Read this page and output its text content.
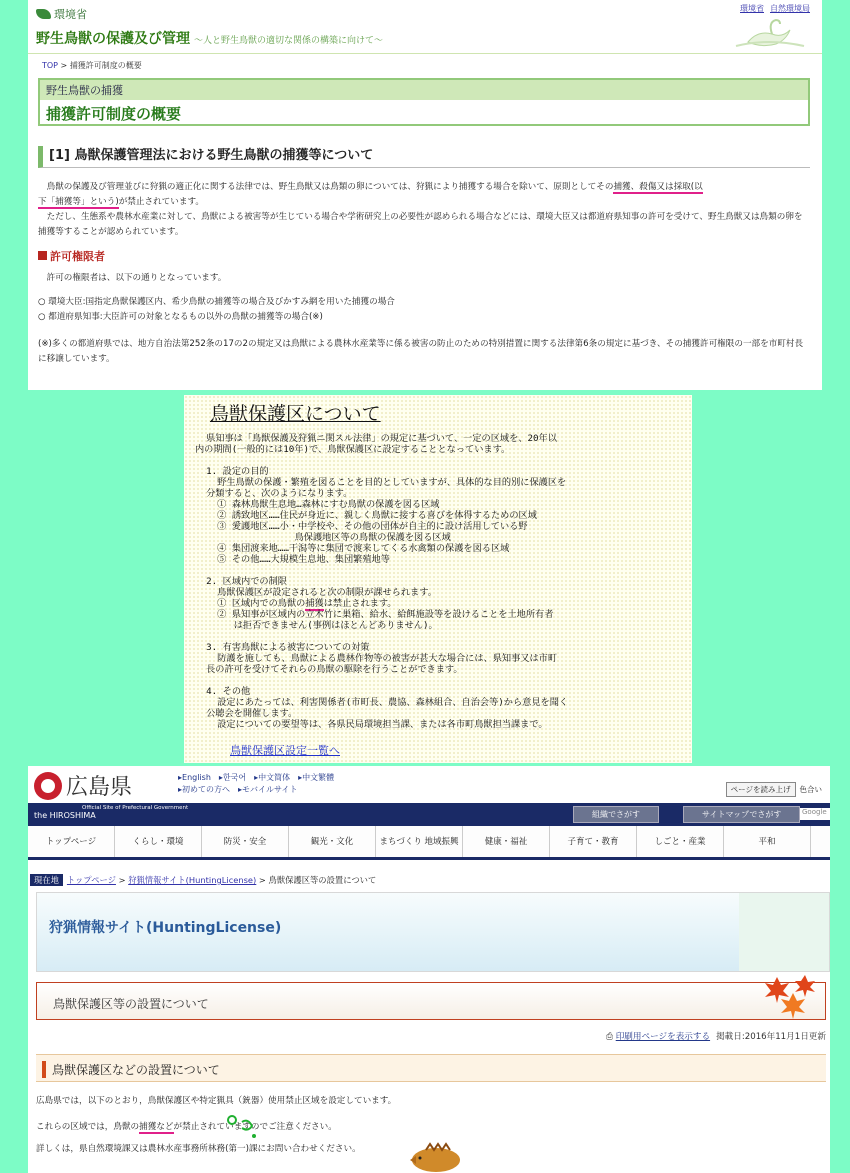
環境省
野生鳥獣の保護及び管理 ～人と野生鳥獣の適切な関係の構築に向けて～
環境省 自然環境局
TOP > 捕獲許可制度の概要
野生鳥獣の捕獲
捕獲許可制度の概要
[1] 鳥獣保護管理法における野生鳥獣の捕獲等について

鳥獣の保護及び管理並びに狩猟の適正化に関する法律では、野生鳥獣又は鳥類の卵については、狩猟により捕獲する場合を除いて、原則としてその捕獲、殺傷又は採取(以
下「捕獲等」という)が禁止されています。

ただし、生態系や農林水産業に対して、鳥獣による被害等が生じている場合や学術研究上の必要性が認められる場合などには、環境大臣又は都道府県知事の許可を受けて、野生鳥獣又は鳥類の卵を捕獲等することが認められています。

許可権限者

許可の権限者は、以下の通りとなっています。

○ 環境大臣:国指定鳥獣保護区内、希少鳥獣の捕獲等の場合及びかすみ網を用いた捕獲の場合

○ 都道府県知事:大臣許可の対象となるもの以外の鳥獣の捕獲等の場合(※)

(※)多くの都道府県では、地方自治法第252条の17の2の規定又は鳥獣による農林水産業等に係る被害の防止のための特別措置に関する法律第6条の規定に基づき、その捕獲許可権限の一部を市町村長に移譲しています。

鳥獣保護区について
県知事は「鳥獣保護及狩猟ニ関スル法律」の規定に基づいて、一定の区域を、20年以
内の期間(一般的には10年)で、鳥獣保護区に設定することとなっています。

1. 設定の目的
野生鳥獣の保護・繁殖を図ることを目的としていますが、具体的な目的別に保護区を
分類すると、次のようになります。
① 森林鳥獣生息地…森林にすむ鳥獣の保護を図る区域
② 誘致地区……住民が身近に、親しく鳥獣に接する喜びを体得するための区域
③ 愛護地区……小・中学校や、その他の団体が自主的に設け活用している野
鳥保護地区等の鳥獣の保護を図る区域
④ 集団渡来地……干潟等に集団で渡来してくる水禽類の保護を図る区域
⑤ その他……大規模生息地、集団繁殖地等

2. 区域内での制限
鳥獣保護区が設定されると次の制限が課せられます。
① 区域内での鳥獣の捕獲は禁止されます。
② 県知事が区域内の立木竹に巣箱、給水、給餌施設等を設けることを土地所有者
は拒否できません(事例はほとんどありません)。

3. 有害鳥獣による被害についての対策
防護を施しても、鳥獣による農林作物等の被害が甚大な場合には、県知事又は市町
長の許可を受けてそれらの鳥獣の駆除を行うことができます。

4. その他
設定にあたっては、利害関係者(市町長、農協、森林組合、自治会等)から意見を聞く
公聴会を開催します。
設定についての要望等は、各県民局環境担当課、または各市町鳥獣担当課まで。
鳥獣保護区設定一覧へ
広島県	▸English ▸한국어 ▸中文简体 ▸中文繁體
▸初めての方へ ▸モバイルサイト	ページを読み上げ	色合い
the HIROSHIMA
Official Site of Prefectural Government
組織でさがす	サイトマップでさがす	Google
トップページ	くらし・環境	防災・安全	観光・文化	まちづくり 地域振興	健康・福祉	子育て・教育	しごと・産業	平和
現在地 トップページ > 狩猟情報サイト(HuntingLicense) > 鳥獣保護区等の設置について
狩猟情報サイト(HuntingLicense)
鳥獣保護区等の設置について
⎙ 印刷用ページを表示する 掲載日:2016年11月1日更新
鳥獣保護区などの設置について
広島県では，以下のとおり，鳥獣保護区や特定猟具（銃器）使用禁止区域を設定しています。
これらの区域では，鳥獣の捕獲などが禁止されていますのでご注意ください。
詳しくは，県自然環境課又は農林水産事務所林務(第一)課にお問い合わせください。
